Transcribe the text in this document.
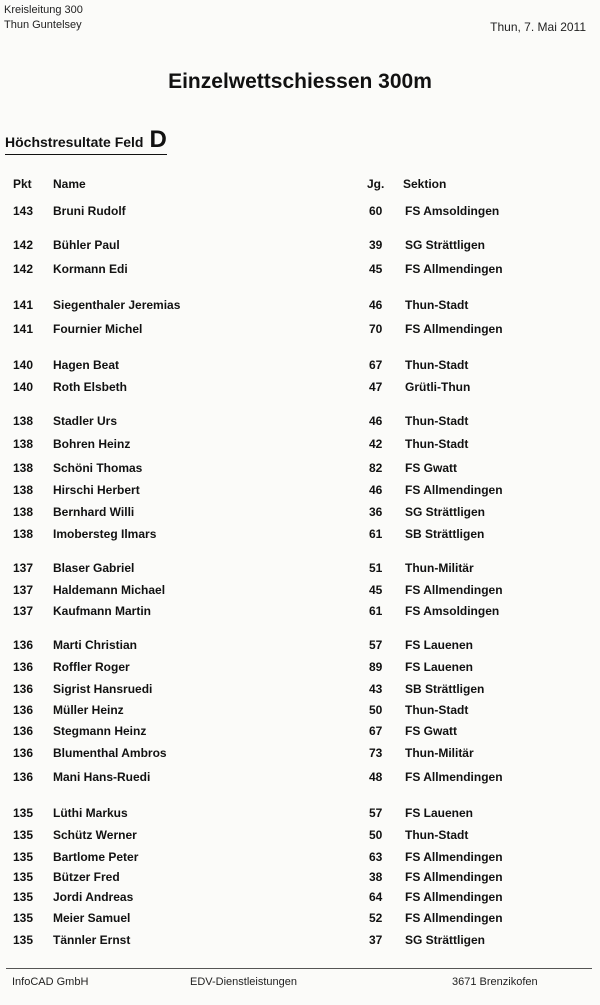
Kreisleitung 300
Thun Guntelsey	Thun, 7. Mai 2011
Einzelwettschiessen 300m
Höchstresultate Feld D
Pkt Name	Jg. Sektion
143 Bruni Rudolf	60 FS Amsoldingen
142 Bühler Paul	39 SG Strättligen
142 Kormann Edi	45 FS Allmendingen
141 Siegenthaler Jeremias	46 Thun-Stadt
141 Fournier Michel	70 FS Allmendingen
140 Hagen Beat	67 Thun-Stadt
140 Roth Elsbeth	47 Grütli-Thun
138 Stadler Urs	46 Thun-Stadt
138 Bohren Heinz	42 Thun-Stadt
138 Schöni Thomas	82 FS Gwatt
138 Hirschi Herbert	46 FS Allmendingen
138 Bernhard Willi	36 SG Strättligen
138 Imobersteg Ilmars	61 SB Strättligen
137 Blaser Gabriel	51 Thun-Militär
137 Haldemann Michael	45 FS Allmendingen
137 Kaufmann Martin	61 FS Amsoldingen
136 Marti Christian	57 FS Lauenen
136 Roffler Roger	89 FS Lauenen
136 Sigrist Hansruedi	43 SB Strättligen
136 Müller Heinz	50 Thun-Stadt
136 Stegmann Heinz	67 FS Gwatt
136 Blumenthal Ambros	73 Thun-Militär
136 Mani Hans-Ruedi	48 FS Allmendingen
135 Lüthi Markus	57 FS Lauenen
135 Schütz Werner	50 Thun-Stadt
135 Bartlome Peter	63 FS Allmendingen
135 Bützer Fred	38 FS Allmendingen
135 Jordi Andreas	64 FS Allmendingen
135 Meier Samuel	52 FS Allmendingen
135 Tännler Ernst	37 SG Strättligen
InfoCAD GmbH	EDV-Dienstleistungen	3671 Brenzikofen
